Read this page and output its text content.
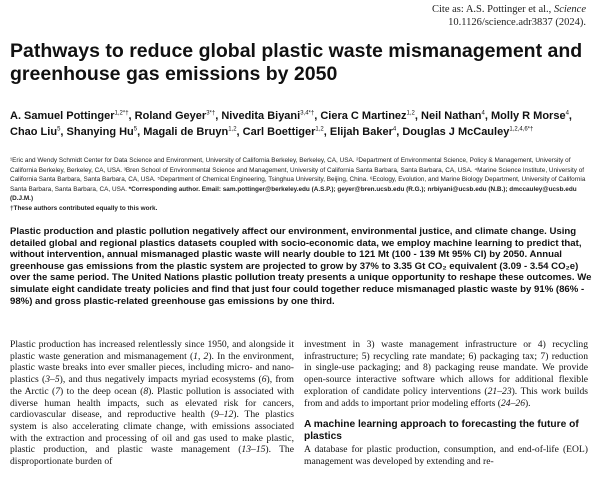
Cite as: A.S. Pottinger et al., Science
10.1126/science.adr3837 (2024).
Pathways to reduce global plastic waste mismanagement and greenhouse gas emissions by 2050
A. Samuel Pottinger$^{1,2*\dagger}$, Roland Geyer$^{3*\dagger}$, Nivedita Biyani$^{3,4*\dagger}$, Ciera C Martinez$^{1,2}$, Neil Nathan$^4$, Molly R Morse$^4$, Chao Liu$^5$, Shanying Hu$^5$, Magali de Bruyn$^{1,2}$, Carl Boettiger$^{1,2}$, Elijah Baker$^4$, Douglas J McCauley$^{1,2,4,6*\dagger}$
¹Eric and Wendy Schmidt Center for Data Science and Environment, University of California Berkeley, Berkeley, CA, USA. ²Department of Environmental Science, Policy & Management, University of California Berkeley, Berkeley, CA, USA. ³Bren School of Environmental Science and Management, University of California Santa Barbara, Santa Barbara, CA, USA. ⁴Marine Science Institute, University of California Santa Barbara, Santa Barbara, CA, USA. ⁵Department of Chemical Engineering, Tsinghua University, Beijing, China. ⁶Ecology, Evolution, and Marine Biology Department, University of California Santa Barbara, Santa Barbara, CA, USA. *Corresponding author. Email: sam.pottinger@berkeley.edu (A.S.P.); geyer@bren.ucsb.edu (R.G.); nrbiyani@ucsb.edu (N.B.); dmccauley@ucsb.edu (D.J.M.)
†These authors contributed equally to this work.
Plastic production and plastic pollution negatively affect our environment, environmental justice, and climate change. Using detailed global and regional plastics datasets coupled with socio-economic data, we employ machine learning to predict that, without intervention, annual mismanaged plastic waste will nearly double to 121 Mt (100 - 139 Mt 95% CI) by 2050. Annual greenhouse gas emissions from the plastic system are projected to grow by 37% to 3.35 Gt CO₂ equivalent (3.09 - 3.54 CO₂e) over the same period. The United Nations plastic pollution treaty presents a unique opportunity to reshape these outcomes. We simulate eight candidate treaty policies and find that just four could together reduce mismanaged plastic waste by 91% (86% - 98%) and gross plastic-related greenhouse gas emissions by one third.

Plastic production has increased relentlessly since 1950, and alongside it plastic waste generation and mismanagement (1, 2). In the environment, plastic waste breaks into ever smaller pieces, including micro- and nano-plastics (3–5), and thus negatively impacts myriad ecosystems (6), from the Arctic (7) to the deep ocean (8). Plastic pollution is associated with diverse human health impacts, such as elevated risk for cancers, cardiovascular disease, and reproductive health (9–12). The plastics system is also accelerating climate change, with emissions associated with the extraction and processing of oil and gas used to make plastic, plastic production, and plastic waste management (13–15). The disproportionate burden of

investment in 3) waste management infrastructure or 4) recycling infrastructure; 5) recycling rate mandate; 6) packaging tax; 7) reduction in single-use packaging; and 8) packaging reuse mandate. We provide open-source interactive software which allows for additional flexible exploration of candidate policy interventions (21–23). This work builds from and adds to important prior modeling efforts (24–26).

A machine learning approach to forecasting the future of plastics

A database for plastic production, consumption, and end-of-life (EOL) management was developed by extending and re-
